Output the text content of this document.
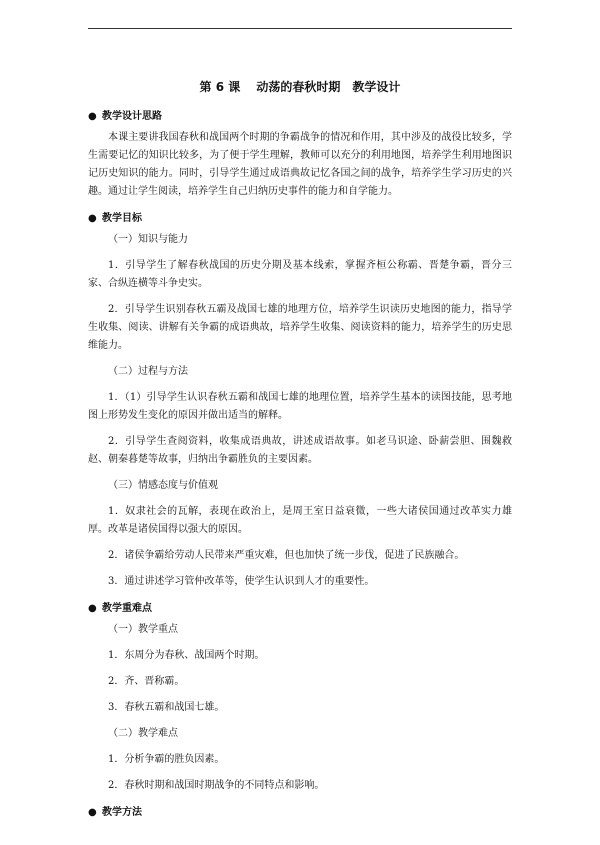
第 6 课　 动荡的春秋时期　教学设计
● 教学设计思路
本课主要讲我国春秋和战国两个时期的争霸战争的情况和作用，其中涉及的战役比较多，学生需要记忆的知识比较多，为了便于学生理解，教师可以充分的利用地图，培养学生利用地图识记历史知识的能力。同时，引导学生通过成语典故记忆各国之间的战争，培养学生学习历史的兴趣。通过让学生阅读，培养学生自己归纳历史事件的能力和自学能力。
● 教学目标
（一）知识与能力
1．引导学生了解春秋战国的历史分期及基本线索，掌握齐桓公称霸、晋楚争霸，晋分三家、合纵连横等斗争史实。
2．引导学生识别春秋五霸及战国七雄的地理方位，培养学生识读历史地图的能力，指导学生收集、阅读、讲解有关争霸的成语典故，培养学生收集、阅读资料的能力，培养学生的历史思维能力。
（二）过程与方法
1．（1）引导学生认识春秋五霸和战国七雄的地理位置，培养学生基本的读图技能，思考地图上形势发生变化的原因并做出适当的解释。
2．引导学生查阅资料，收集成语典故，讲述成语故事。如老马识途、卧薪尝胆、围魏救赵、朝秦暮楚等故事，归纳出争霸胜负的主要因素。
（三）情感态度与价值观
1．奴隶社会的瓦解，表现在政治上，是周王室日益衰微，一些大诸侯国通过改革实力雄厚。改革是诸侯国得以强大的原因。
2．诸侯争霸给劳动人民带来严重灾难，但也加快了统一步伐，促进了民族融合。
3．通过讲述学习管仲改革等，使学生认识到人才的重要性。
● 教学重难点
（一）教学重点
1．东周分为春秋、战国两个时期。
2．齐、晋称霸。
3．春秋五霸和战国七雄。
（二）教学难点
1．分析争霸的胜负因素。
2．春秋时期和战国时期战争的不同特点和影响。
● 教学方法
